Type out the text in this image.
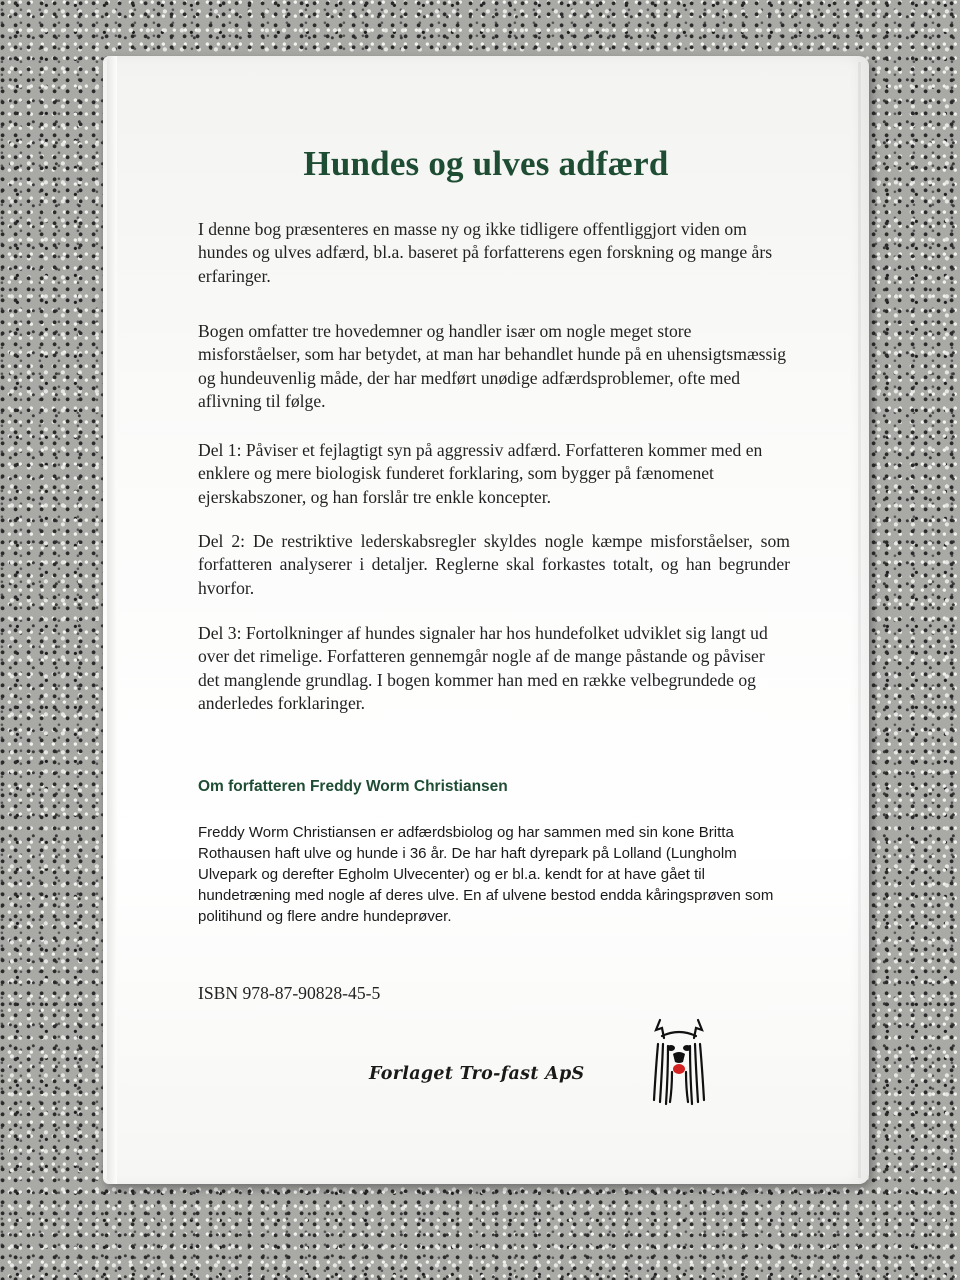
Hundes og ulves adfærd

I denne bog præsenteres en masse ny og ikke tidligere offentliggjort viden om hundes og ulves adfærd, bl.a. baseret på forfatterens egen forskning og mange års erfaringer.

Bogen omfatter tre hovedemner og handler især om nogle meget store misforståelser, som har betydet, at man har behandlet hunde på en uhensigtsmæssig og hundeuvenlig måde, der har medført unødige adfærdsproblemer, ofte med aflivning til følge.

Del 1: Påviser et fejlagtigt syn på aggressiv adfærd. Forfatteren kommer med en enklere og mere biologisk funderet forklaring, som bygger på fænomenet ejerskabszoner, og han forslår tre enkle koncepter.

Del 2: De restriktive lederskabsregler skyldes nogle kæmpe misforståelser, som forfatteren analyserer i detaljer. Reglerne skal forkastes totalt, og han begrunder hvorfor.

Del 3: Fortolkninger af hundes signaler har hos hundefolket udviklet sig langt ud over det rimelige. Forfatteren gennemgår nogle af de mange påstande og påviser det manglende grundlag. I bogen kommer han med en række velbegrundede og anderledes forklaringer.

Om forfatteren Freddy Worm Christiansen

Freddy Worm Christiansen er adfærdsbiolog og har sammen med sin kone Britta Rothausen haft ulve og hunde i 36 år. De har haft dyrepark på Lolland (Lungholm Ulvepark og derefter Egholm Ulvecenter) og er bl.a. kendt for at have gået til hundetræning med nogle af deres ulve. En af ulvene bestod endda kåringsprøven som politihund og flere andre hundeprøver.

ISBN 978-87-90828-45-5

Forlaget Tro-fast ApS
